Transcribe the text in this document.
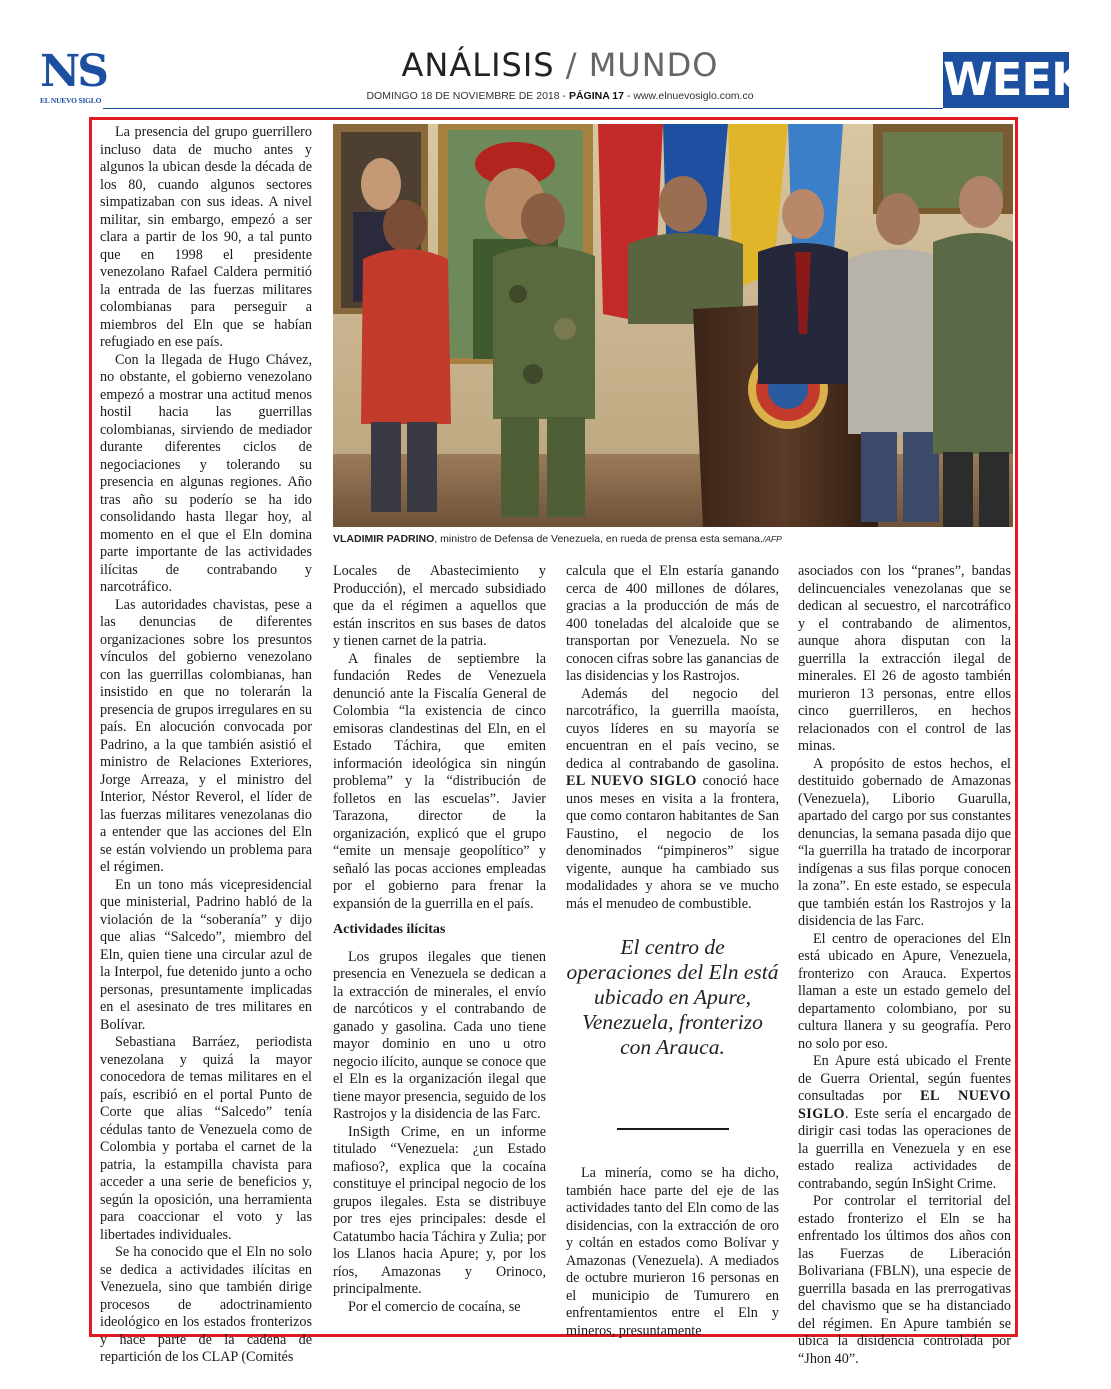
NS
EL NUEVO SIGLO
ANÁLISIS / MUNDO
DOMINGO 18 DE NOVIEMBRE DE 2018 - PÁGINA 17 - www.elnuevosiglo.com.co	WEEK
VLADIMIR PADRINO, ministro de Defensa de Venezuela, en rueda de prensa esta semana./AFP

La presencia del grupo guerrillero incluso data de mucho antes y algunos la ubican desde la década de los 80, cuando algunos sectores simpatizaban con sus ideas. A nivel militar, sin embargo, empezó a ser clara a partir de los 90, a tal punto que en 1998 el presidente venezolano Rafael Caldera permitió la entrada de las fuerzas militares colombianas para perseguir a miembros del Eln que se habían refugiado en ese país.

Con la llegada de Hugo Chávez, no obstante, el gobierno venezolano empezó a mostrar una actitud menos hostil hacia las guerrillas colombianas, sirviendo de mediador durante diferentes ciclos de negociaciones y tolerando su presencia en algunas regiones. Año tras año su poderío se ha ido consolidando hasta llegar hoy, al momento en el que el Eln domina parte importante de las actividades ilícitas de contrabando y narcotráfico.

Las autoridades chavistas, pese a las denuncias de diferentes organizaciones sobre los presuntos vínculos del gobierno venezolano con las guerrillas colombianas, han insistido en que no tolerarán la presencia de grupos irregulares en su país. En alocución convocada por Padrino, a la que también asistió el ministro de Relaciones Exteriores, Jorge Arreaza, y el ministro del Interior, Néstor Reverol, el líder de las fuerzas militares venezolanas dio a entender que las acciones del Eln se están volviendo un problema para el régimen.

En un tono más vicepresidencial que ministerial, Padrino habló de la violación de la “soberanía” y dijo que alias “Salcedo”, miembro del Eln, quien tiene una circular azul de la Interpol, fue detenido junto a ocho personas, presuntamente implicadas en el asesinato de tres militares en Bolívar.

Sebastiana Barráez, periodista venezolana y quizá la mayor conocedora de temas militares en el país, escribió en el portal Punto de Corte que alias “Salcedo” tenía cédulas tanto de Venezuela como de Colombia y portaba el carnet de la patria, la estampilla chavista para acceder a una serie de beneficios y, según la oposición, una herramienta para coaccionar el voto y las libertades individuales.

Se ha conocido que el Eln no solo se dedica a actividades ilícitas en Venezuela, sino que también dirige procesos de adoctrinamiento ideológico en los estados fronterizos y hace parte de la cadena de repartición de los CLAP (Comités

Locales de Abastecimiento y Producción), el mercado subsidiado que da el régimen a aquellos que están inscritos en sus bases de datos y tienen carnet de la patria.

A finales de septiembre la fundación Redes de Venezuela denunció ante la Fiscalía General de Colombia “la existencia de cinco emisoras clandestinas del Eln, en el Estado Táchira, que emiten información ideológica sin ningún problema” y la “distribución de folletos en las escuelas”. Javier Tarazona, director de la organización, explicó que el grupo “emite un mensaje geopolítico” y señaló las pocas acciones empleadas por el gobierno para frenar la expansión de la guerrilla en el país.

Actividades ilícitas

Los grupos ilegales que tienen presencia en Venezuela se dedican a la extracción de minerales, el envío de narcóticos y el contrabando de ganado y gasolina. Cada uno tiene mayor dominio en uno u otro negocio ilícito, aunque se conoce que el Eln es la organización ilegal que tiene mayor presencia, seguido de los Rastrojos y la disidencia de las Farc.

InSigth Crime, en un informe titulado “Venezuela: ¿un Estado mafioso?, explica que la cocaína constituye el principal negocio de los grupos ilegales. Esta se distribuye por tres ejes principales: desde el Catatumbo hacia Táchira y Zulia; por los Llanos hacia Apure; y, por los ríos, Amazonas y Orinoco, principalmente.

Por el comercio de cocaína, se

calcula que el Eln estaría ganando cerca de 400 millones de dólares, gracias a la producción de más de 400 toneladas del alcaloide que se transportan por Venezuela. No se conocen cifras sobre las ganancias de las disidencias y los Rastrojos.

Además del negocio del narcotráfico, la guerrilla maoísta, cuyos líderes en su mayoría se encuentran en el país vecino, se dedica al contrabando de gasolina. EL NUEVO SIGLO conoció hace unos meses en visita a la frontera, que como contaron habitantes de San Faustino, el negocio de los denominados “pimpineros” sigue vigente, aunque ha cambiado sus modalidades y ahora se ve mucho más el menudeo de combustible.

La minería, como se ha dicho, también hace parte del eje de las actividades tanto del Eln como de las disidencias, con la extracción de oro y coltán en estados como Bolívar y Amazonas (Venezuela). A mediados de octubre murieron 16 personas en el municipio de Tumurero en enfrentamientos entre el Eln y mineros, presuntamente

El centro de operaciones del Eln está ubicado en Apure, Venezuela, fronterizo con Arauca.

asociados con los “pranes”, bandas delincuenciales venezolanas que se dedican al secuestro, el narcotráfico y el contrabando de alimentos, aunque ahora disputan con la guerrilla la extracción ilegal de minerales. El 26 de agosto también murieron 13 personas, entre ellos cinco guerrilleros, en hechos relacionados con el control de las minas.

A propósito de estos hechos, el destituido gobernado de Amazonas (Venezuela), Liborio Guarulla, apartado del cargo por sus constantes denuncias, la semana pasada dijo que “la guerrilla ha tratado de incorporar indígenas a sus filas porque conocen la zona”. En este estado, se especula que también están los Rastrojos y la disidencia de las Farc.

El centro de operaciones del Eln está ubicado en Apure, Venezuela, fronterizo con Arauca. Expertos llaman a este un estado gemelo del departamento colombiano, por su cultura llanera y su geografía. Pero no solo por eso.

En Apure está ubicado el Frente de Guerra Oriental, según fuentes consultadas por EL NUEVO SIGLO. Este sería el encargado de dirigir casi todas las operaciones de la guerrilla en Venezuela y en ese estado realiza actividades de contrabando, según InSight Crime.

Por controlar el territorial del estado fronterizo el Eln se ha enfrentado los últimos dos años con las Fuerzas de Liberación Bolivariana (FBLN), una especie de guerrilla basada en las prerrogativas del chavismo que se ha distanciado del régimen. En Apure también se ubica la disidencia controlada por “Jhon 40”.
